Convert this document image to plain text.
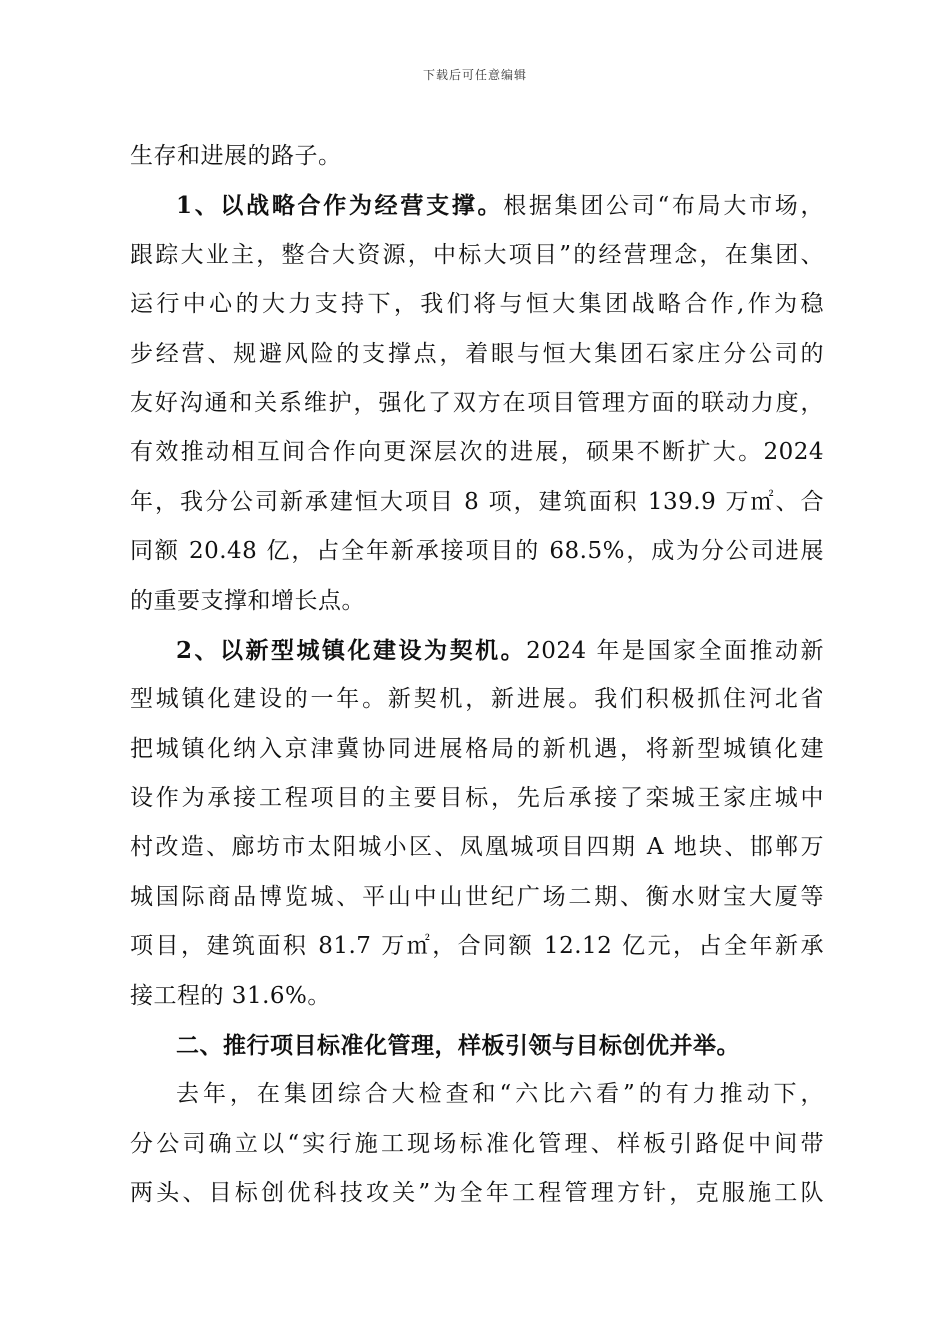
下载后可任意编辑
生存和进展的路子。
1、以战略合作为经营支撑。根据集团公司“布局大市场，
跟踪大业主，整合大资源，中标大项目”的经营理念，在集团、
运行中心的大力支持下，我们将与恒大集团战略合作,作为稳
步经营、规避风险的支撑点，着眼与恒大集团石家庄分公司的
友好沟通和关系维护，强化了双方在项目管理方面的联动力度，
有效推动相互间合作向更深层次的进展，硕果不断扩大。2024
年，我分公司新承建恒大项目 8 项，建筑面积 139.9 万㎡、合
同额 20.48 亿，占全年新承接项目的 68.5%，成为分公司进展
的重要支撑和增长点。
2、以新型城镇化建设为契机。2024 年是国家全面推动新
型城镇化建设的一年。新契机，新进展。我们积极抓住河北省
把城镇化纳入京津冀协同进展格局的新机遇，将新型城镇化建
设作为承接工程项目的主要目标，先后承接了栾城王家庄城中
村改造、廊坊市太阳城小区、凤凰城项目四期 A 地块、邯郸万
城国际商品博览城、平山中山世纪广场二期、衡水财宝大厦等
项目，建筑面积 81.7 万㎡，合同额 12.12 亿元，占全年新承
接工程的 31.6%。
二、推行项目标准化管理，样板引领与目标创优并举。
去年，在集团综合大检查和“六比六看”的有力推动下，
分公司确立以“实行施工现场标准化管理、样板引路促中间带
两头、目标创优科技攻关”为全年工程管理方针，克服施工队
